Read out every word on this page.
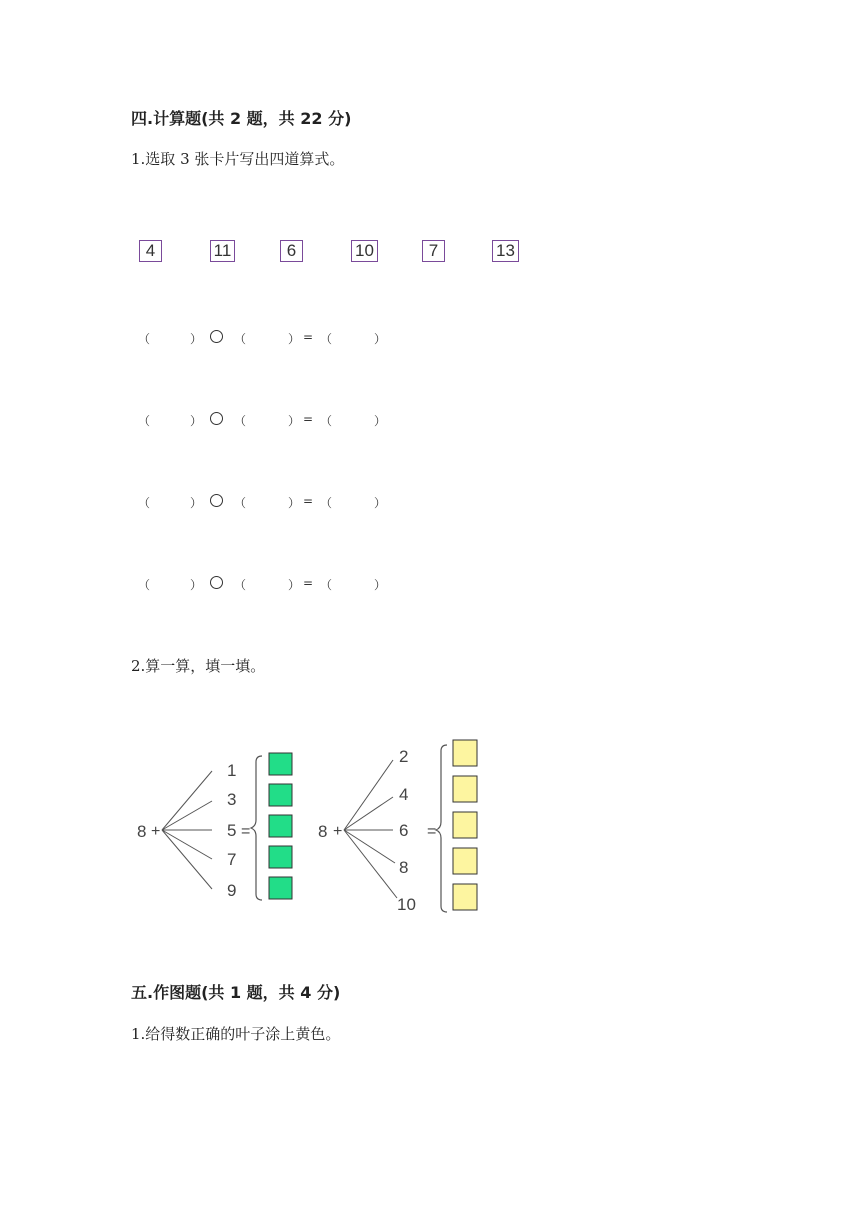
四.计算题(共 2 题，共 22 分)
1.选取 3 张卡片写出四道算式。
4	11	6	10	7	13
（	）	（	） = （	）
（	）	（	） = （	）
（	）	（	） = （	）
（	）	（	） = （	）
2.算一算，填一填。
8 +
1
3
5
7
9
=	8 +
2
4
6
8
10
=
五.作图题(共 1 题，共 4 分)
1.给得数正确的叶子涂上黄色。
